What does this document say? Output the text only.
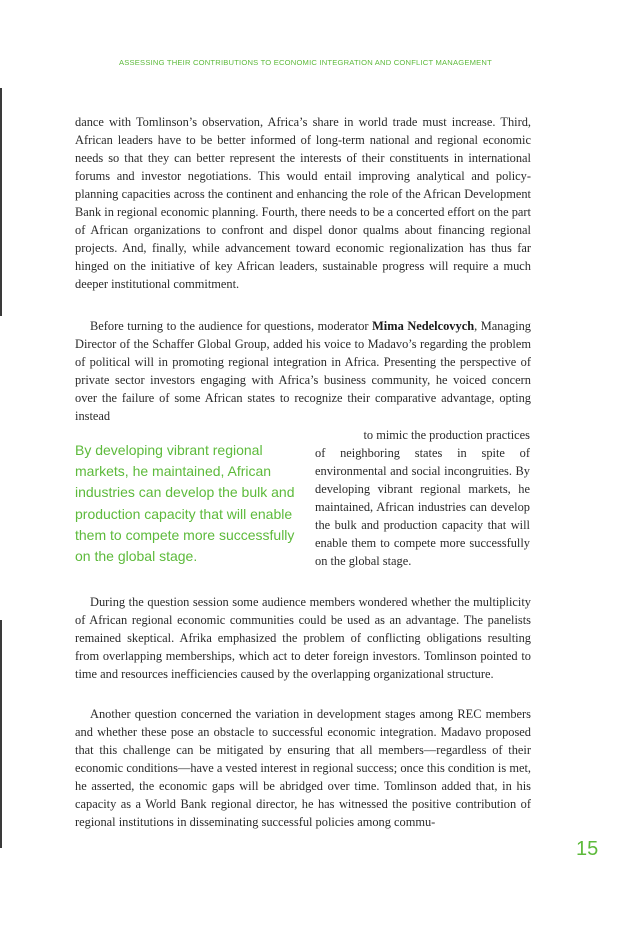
ASSESSING THEIR CONTRIBUTIONS TO ECONOMIC INTEGRATION AND CONFLICT MANAGEMENT

dance with Tomlinson’s observation, Africa’s share in world trade must increase. Third, African leaders have to be better informed of long-term national and regional economic needs so that they can better represent the interests of their constituents in international forums and investor negotiations. This would entail improving analytical and policy-planning capacities across the continent and enhancing the role of the African Development Bank in regional economic planning. Fourth, there needs to be a concerted effort on the part of African organizations to confront and dispel donor qualms about financing regional projects. And, finally, while advancement toward economic regionalization has thus far hinged on the initiative of key African leaders, sustainable progress will require a much deeper institutional commitment.

Before turning to the audience for questions, moderator Mima Nedelcovych, Managing Director of the Schaffer Global Group, added his voice to Madavo’s regarding the problem of political will in promoting regional integration in Africa. Presenting the perspective of private sector investors engaging with Africa’s business community, he voiced concern over the failure of some African states to recognize their comparative advantage, opting instead

to mimic the production practices

of neighboring states in spite of environmental and social incongruities. By developing vibrant regional markets, he maintained, African industries can develop the bulk and production capacity that will enable them to compete more successfully on the global stage.

By developing vibrant regional markets, he maintained, African industries can develop the bulk and production capacity that will enable them to compete more successfully on the global stage.

During the question session some audience members wondered whether the multiplicity of African regional economic communities could be used as an advantage. The panelists remained skeptical. Afrika emphasized the problem of conflicting obligations resulting from overlapping memberships, which act to deter foreign investors. Tomlinson pointed to time and resources inefficiencies caused by the overlapping organizational structure.

Another question concerned the variation in development stages among REC members and whether these pose an obstacle to successful economic integration. Madavo proposed that this challenge can be mitigated by ensuring that all members—regardless of their economic conditions—have a vested interest in regional success; once this condition is met, he asserted, the economic gaps will be abridged over time. Tomlinson added that, in his capacity as a World Bank regional director, he has witnessed the positive contribution of regional institutions in disseminating successful policies among commu-

15
